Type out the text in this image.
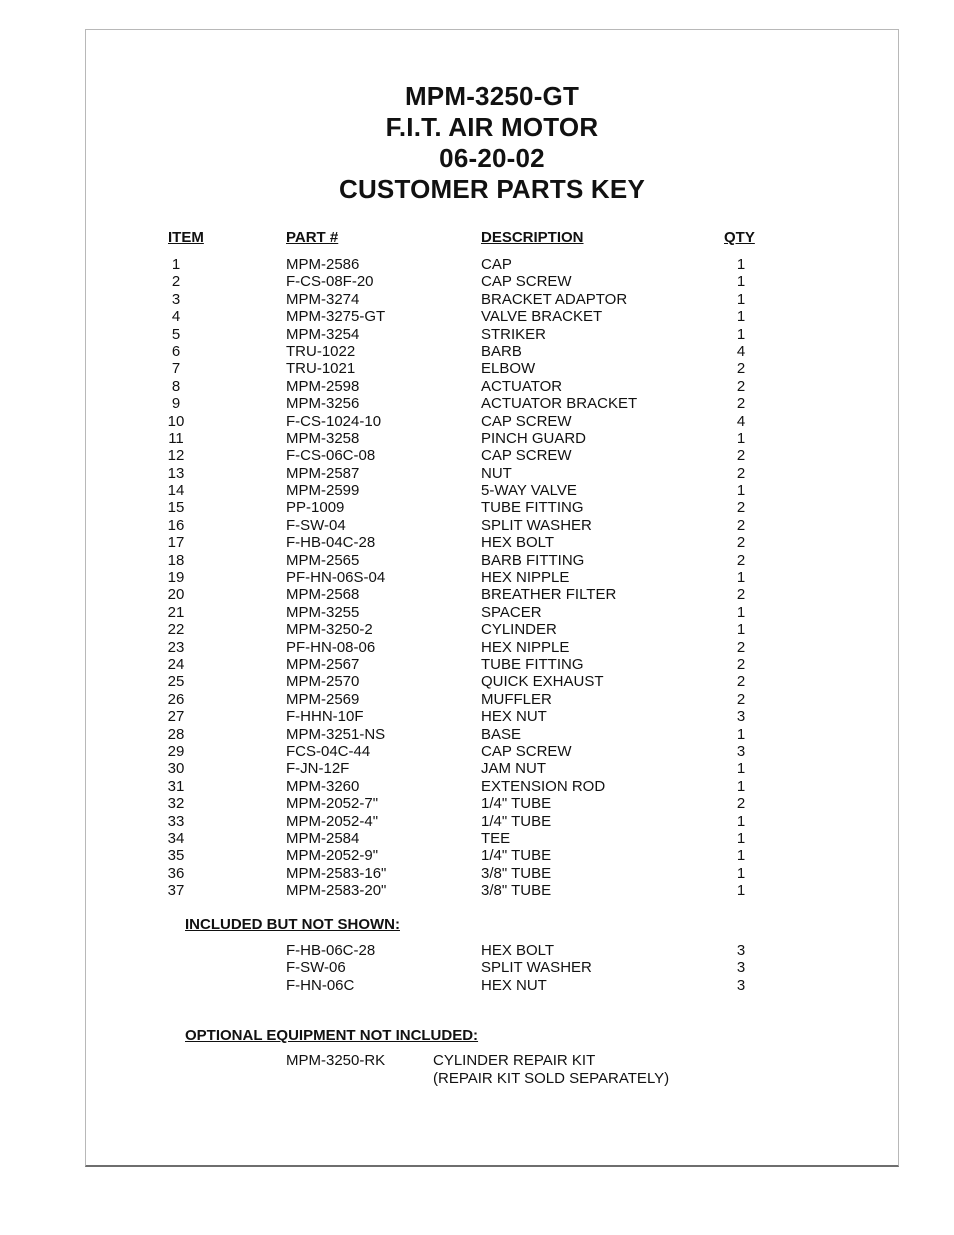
MPM-3250-GT
F.I.T. AIR MOTOR
06-20-02
CUSTOMER PARTS KEY
ITEM	PART #	DESCRIPTION	QTY
1	MPM-2586	CAP	1
2	F-CS-08F-20	CAP SCREW	1
3	MPM-3274	BRACKET ADAPTOR	1
4	MPM-3275-GT	VALVE BRACKET	1
5	MPM-3254	STRIKER	1
6	TRU-1022	BARB	4
7	TRU-1021	ELBOW	2
8	MPM-2598	ACTUATOR	2
9	MPM-3256	ACTUATOR BRACKET	2
10	F-CS-1024-10	CAP SCREW	4
11	MPM-3258	PINCH GUARD	1
12	F-CS-06C-08	CAP SCREW	2
13	MPM-2587	NUT	2
14	MPM-2599	5-WAY VALVE	1
15	PP-1009	TUBE FITTING	2
16	F-SW-04	SPLIT WASHER	2
17	F-HB-04C-28	HEX BOLT	2
18	MPM-2565	BARB FITTING	2
19	PF-HN-06S-04	HEX NIPPLE	1
20	MPM-2568	BREATHER FILTER	2
21	MPM-3255	SPACER	1
22	MPM-3250-2	CYLINDER	1
23	PF-HN-08-06	HEX NIPPLE	2
24	MPM-2567	TUBE FITTING	2
25	MPM-2570	QUICK EXHAUST	2
26	MPM-2569	MUFFLER	2
27	F-HHN-10F	HEX NUT	3
28	MPM-3251-NS	BASE	1
29	FCS-04C-44	CAP SCREW	3
30	F-JN-12F	JAM NUT	1
31	MPM-3260	EXTENSION ROD	1
32	MPM-2052-7"	1/4" TUBE	2
33	MPM-2052-4"	1/4" TUBE	1
34	MPM-2584	TEE	1
35	MPM-2052-9"	1/4" TUBE	1
36	MPM-2583-16"	3/8" TUBE	1
37	MPM-2583-20"	3/8" TUBE	1
INCLUDED BUT NOT SHOWN:
F-HB-06C-28	HEX BOLT	3
F-SW-06	SPLIT WASHER	3
F-HN-06C	HEX NUT	3
OPTIONAL EQUIPMENT NOT INCLUDED:
MPM-3250-RK	CYLINDER REPAIR KIT
(REPAIR KIT SOLD SEPARATELY)
